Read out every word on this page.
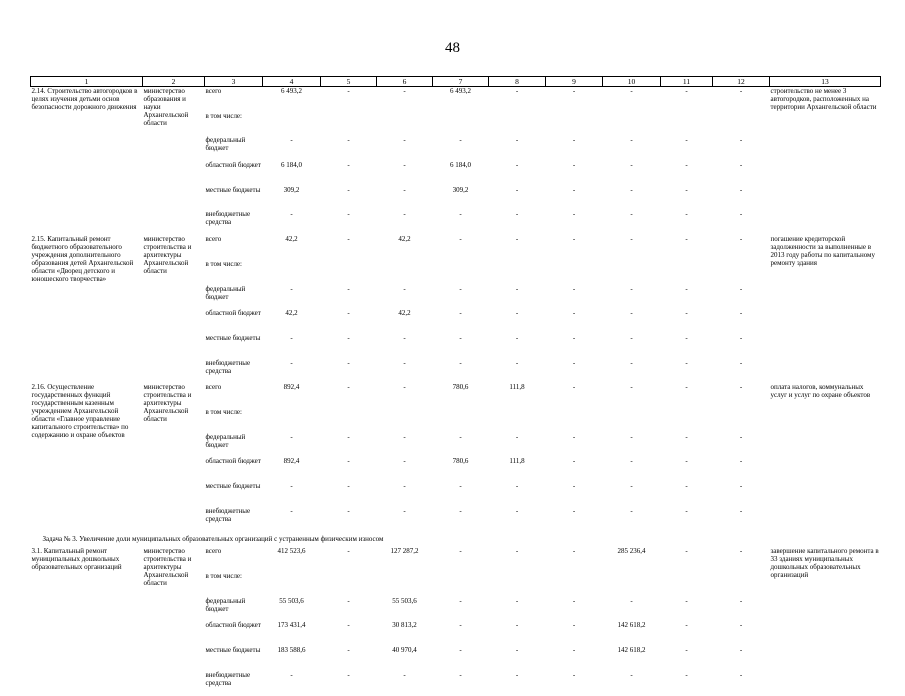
48
1	2	3	4	5	6	7	8	9	10	11	12	13
2.14. Строительство автогородков в целях изучения детьми основ безопасности дорожного движения	министерство образования и науки Архангельской области	всего	6 493,2	-	-	6 493,2	-	-	-	-	-	строительство не менее 3 автогородков, расположенных на территории Архангельской области
		в том числе:										
		федеральный бюджет	-	-	-	-	-	-	-	-	-	
		областной бюджет	6 184,0	-	-	6 184,0	-	-	-	-	-	
		местные бюджеты	309,2	-	-	309,2	-	-	-	-	-	
		внебюджетные средства	-	-	-	-	-	-	-	-	-	
2.15. Капитальный ремонт бюджетного образовательного учреждения дополнительного образования детей Архангельской области «Дворец детского и юношеского творчества»	министерство строительства и архитектуры Архангельской области	всего	42,2	-	42,2	-	-	-	-	-	-	погашение кредиторской задолженности за выполненные в 2013 году работы по капитальному ремонту здания
		в том числе:										
		федеральный бюджет	-	-	-	-	-	-	-	-	-	
		областной бюджет	42,2	-	42,2	-	-	-	-	-	-	
		местные бюджеты	-	-	-	-	-	-	-	-	-	
		внебюджетные средства	-	-	-	-	-	-	-	-	-	
2.16. Осуществление государственных функций государственным казенным учреждением Архангельской области «Главное управление капитального строительства» по содержанию и охране объектов	министерство строительства и архитектуры Архангельской области	всего	892,4	-	-	780,6	111,8	-	-	-	-	оплата налогов, коммунальных услуг и услуг по охране объектов
		в том числе:										
		федеральный бюджет	-	-	-	-	-	-	-	-	-	
		областной бюджет	892,4	-	-	780,6	111,8	-	-	-	-	
		местные бюджеты	-	-	-	-	-	-	-	-	-	
		внебюджетные средства	-	-	-	-	-	-	-	-	-	
Задача № 3. Увеличение доли муниципальных образовательных организаций с устраненным физическим износом												
3.1. Капитальный ремонт муниципальных дошкольных образовательных организаций	министерство строительства и архитектуры Архангельской области	всего	412 523,6	-	127 287,2	-	-	-	285 236,4	-	-	завершение капитального ремонта в 33 зданиях муниципальных дошкольных образовательных организаций
		в том числе:										
		федеральный бюджет	55 503,6	-	55 503,6	-	-	-	-	-	-	
		областной бюджет	173 431,4	-	30 813,2	-	-	-	142 618,2	-	-	
		местные бюджеты	183 588,6	-	40 970,4	-	-	-	142 618,2	-	-	
		внебюджетные средства	-	-	-	-	-	-	-	-	-	
